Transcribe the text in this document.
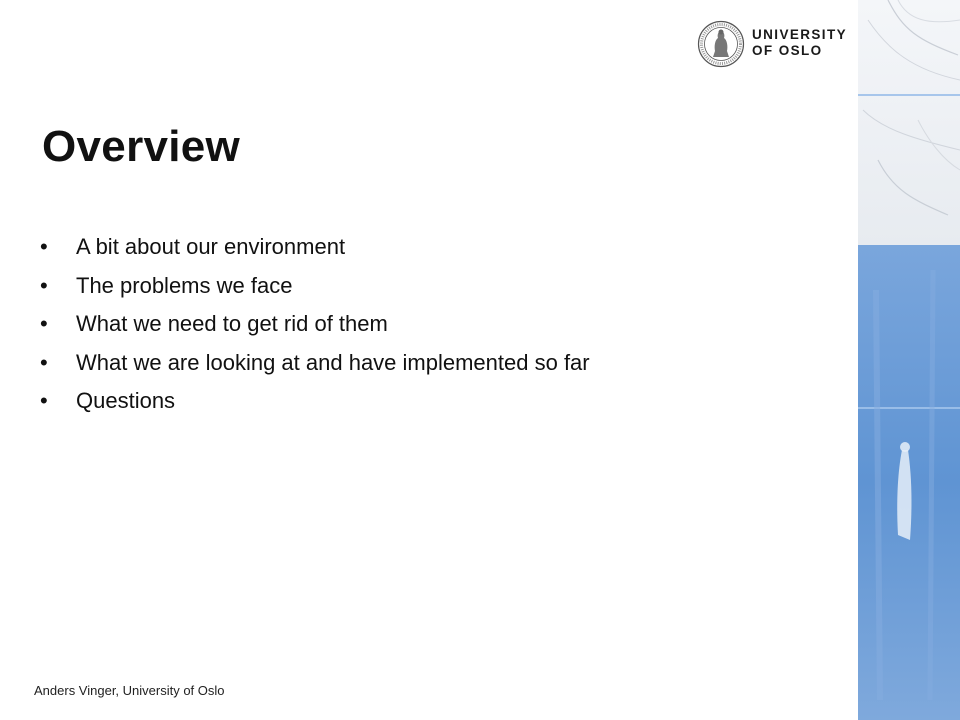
UNIVERSITY
OF OSLO
Overview
•	A bit about our environment
•	The problems we face
•	What we need to get rid of them
•	What we are looking at and have implemented so far
•	Questions
Anders Vinger, University of Oslo
